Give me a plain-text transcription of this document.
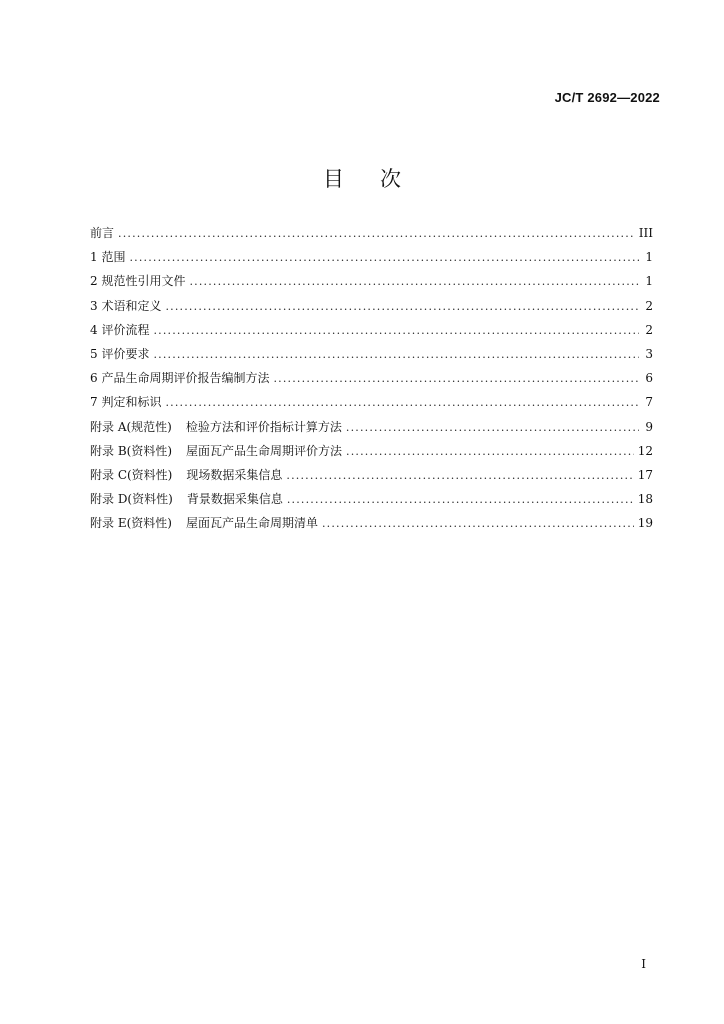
JC/T 2692—2022
目次
前言 .....	III
1 范围 .....	1
2 规范性引用文件 .....	1
3 术语和定义 .....	2
4 评价流程 .....	2
5 评价要求 .....	3
6 产品生命周期评价报告编制方法 .....	6
7 判定和标识 .....	7
附录 A(规范性) 检验方法和评价指标计算方法 .....	9
附录 B(资料性) 屋面瓦产品生命周期评价方法 .....	12
附录 C(资料性) 现场数据采集信息 .....	17
附录 D(资料性) 背景数据采集信息 .....	18
附录 E(资料性) 屋面瓦产品生命周期清单 .....	19
I
